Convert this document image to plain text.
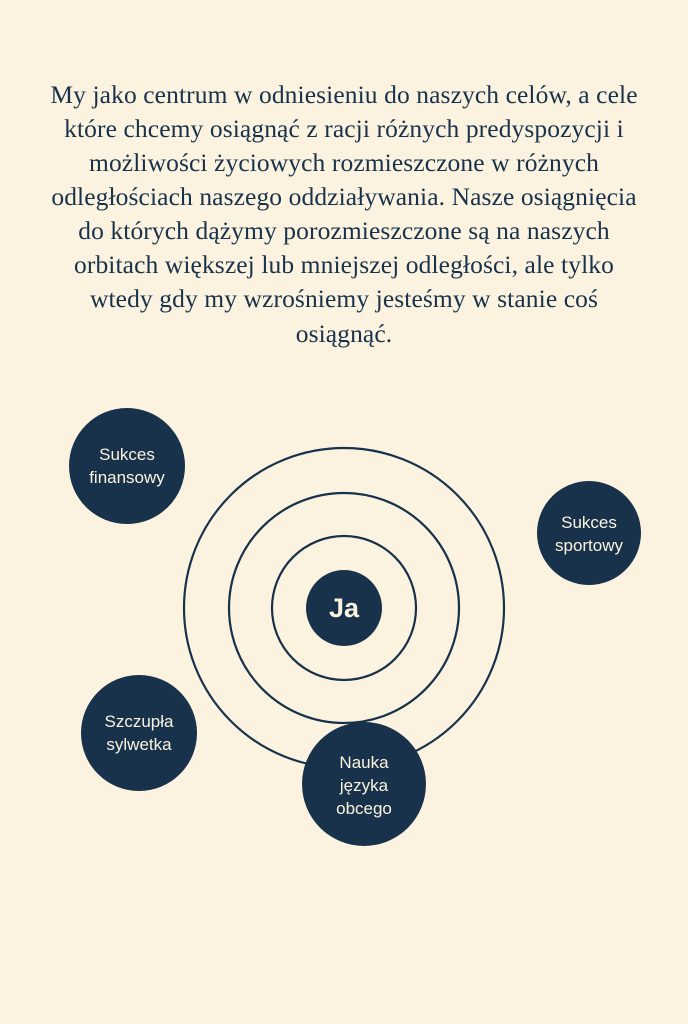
My jako centrum w odniesieniu do naszych celów, a cele które chcemy osiągnąć z racji różnych predyspozycji i możliwości życiowych rozmieszczone w różnych odległościach naszego oddziaływania. Nasze osiągnięcia do których dążymy porozmieszczone są na naszych orbitach większej lub mniejszej odległości, ale tylko wtedy gdy my wzrośniemy jesteśmy w stanie coś osiągnąć.

Ja
Sukces
finansowy
Sukces
sportowy
Nauka
języka
obcego
Szczupła
sylwetka
